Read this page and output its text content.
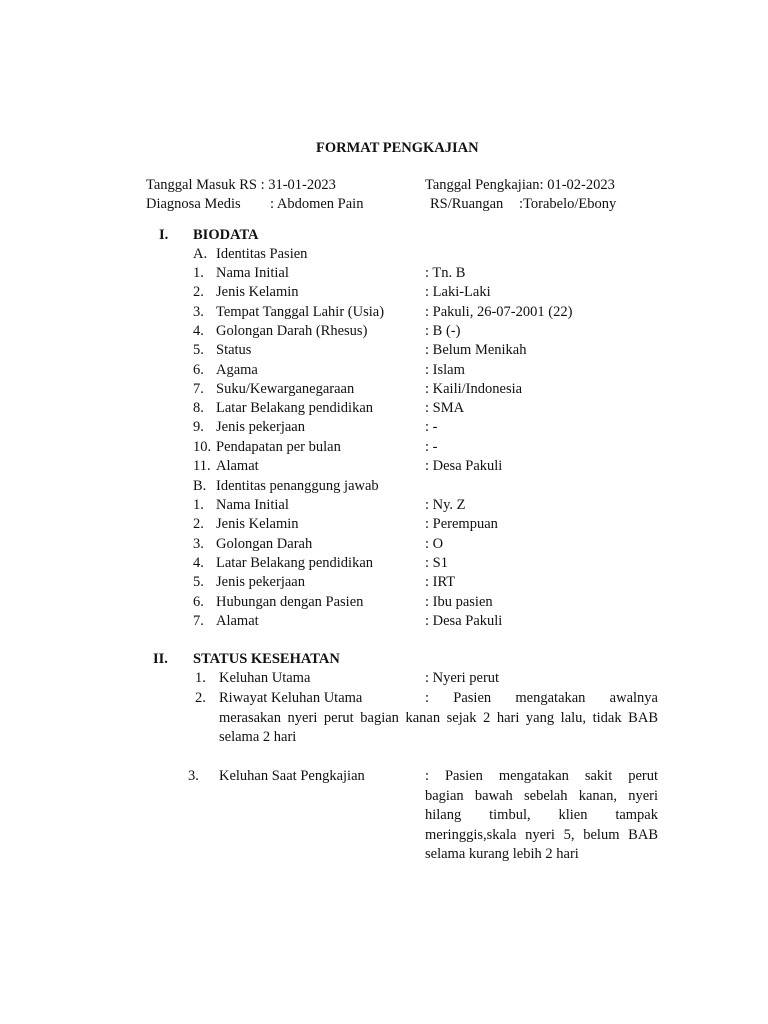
FORMAT PENGKAJIAN
Tanggal Masuk RS : 31-01-2023	Tanggal Pengkajian: 01-02-2023
Diagnosa Medis : Abdomen Pain	RS/Ruangan :Torabelo/Ebony
I. BIODATA
A. Identitas Pasien
1. Nama Initial	: Tn. B
2. Jenis Kelamin	: Laki-Laki
3. Tempat Tanggal Lahir (Usia)	: Pakuli, 26-07-2001 (22)
4. Golongan Darah (Rhesus)	: B (-)
5. Status	: Belum Menikah
6. Agama	: Islam
7. Suku/Kewarganegaraan	: Kaili/Indonesia
8. Latar Belakang pendidikan	: SMA
9. Jenis pekerjaan	: -
10. Pendapatan per bulan	: -
11. Alamat	: Desa Pakuli
B. Identitas penanggung jawab
1. Nama Initial	: Ny. Z
2. Jenis Kelamin	: Perempuan
3. Golongan Darah	: O
4. Latar Belakang pendidikan	: S1
5. Jenis pekerjaan	: IRT
6. Hubungan dengan Pasien	: Ibu pasien
7. Alamat	: Desa Pakuli
II. STATUS KESEHATAN
1. Keluhan Utama	: Nyeri perut
2. Riwayat Keluhan Utama	: Pasien mengatakan awalnya
merasakan nyeri perut bagian kanan sejak 2 hari yang lalu, tidak BAB
selama 2 hari
3. Keluhan Saat Pengkajian	: Pasien mengatakan sakit perut
bagian bawah sebelah kanan, nyeri
hilang timbul, klien tampak
meringgis,skala nyeri 5, belum BAB
selama kurang lebih 2 hari
